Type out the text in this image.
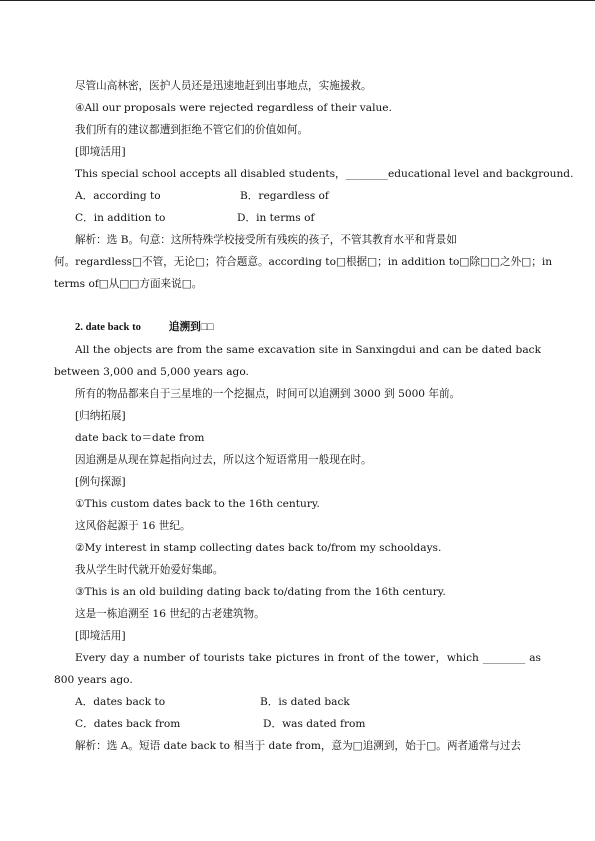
尽管山高林密，医护人员还是迅速地赶到出事地点，实施援救。
④All our proposals were rejected regardless of their value.
我们所有的建议都遭到拒绝不管它们的价值如何。
[即境活用]
This special school accepts all disabled students，________educational level and background.
A．according to	B．regardless of
C．in addition to	D．in terms of
解析：选 B。句意：这所特殊学校接受所有残疾的孩子，不管其教育水平和背景如
何。regardless□不管，无论□；符合题意。according to□根据□；in addition to□除□□之外□；in
terms of□从□□方面来说□。
2. date back to	追溯到□□
All the objects are from the same excavation site in Sanxingdui and can be dated back
between 3,000 and 5,000 years ago.
所有的物品都来自于三星堆的一个挖掘点，时间可以追溯到 3000 到 5000 年前。
[归纳拓展]
date back to＝date from
因追溯是从现在算起指向过去，所以这个短语常用一般现在时。
[例句探源]
①This custom dates back to the 16th century.
这风俗起源于 16 世纪。
②My interest in stamp collecting dates back to/from my schooldays.
我从学生时代就开始爱好集邮。
③This is an old building dating back to/dating from the 16th century.
这是一栋追溯至 16 世纪的古老建筑物。
[即境活用]
Every day a number of tourists take pictures in front of the tower，which ________ as
800 years ago.
A．dates back to	B．is dated back
C．dates back from	D．was dated from
解析：选 A。短语 date back to 相当于 date from，意为□追溯到，始于□。两者通常与过去
